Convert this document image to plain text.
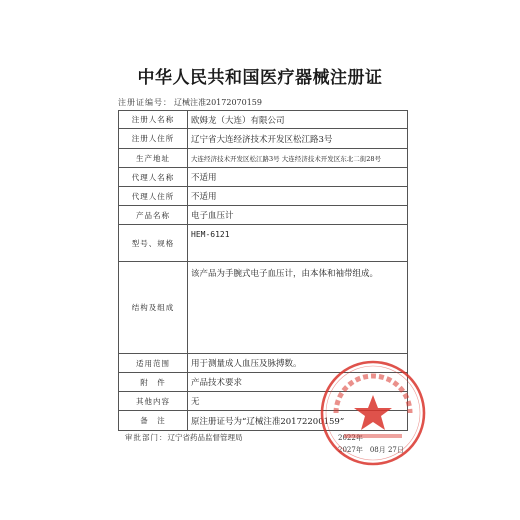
中华人民共和国医疗器械注册证
注册证编号： 辽械注准20172070159
注册人名称	欧姆龙（大连）有限公司
注册人住所	辽宁省大连经济技术开发区松江路3号
生产地址	大连经济技术开发区松江路3号 大连经济技术开发区东北二街28号
代理人名称	不适用
代理人住所	不适用
产品名称	电子血压计
型号、规格	HEM-6121
结构及组成	该产品为手腕式电子血压计，由本体和袖带组成。
适用范围	用于测量成人血压及脉搏数。
附　件	产品技术要求
其他内容	无
备　注	原注册证号为“辽械注准20172200159”
审批部门：辽宁省药品监督管理局	2022年
2027年　08月 27日
